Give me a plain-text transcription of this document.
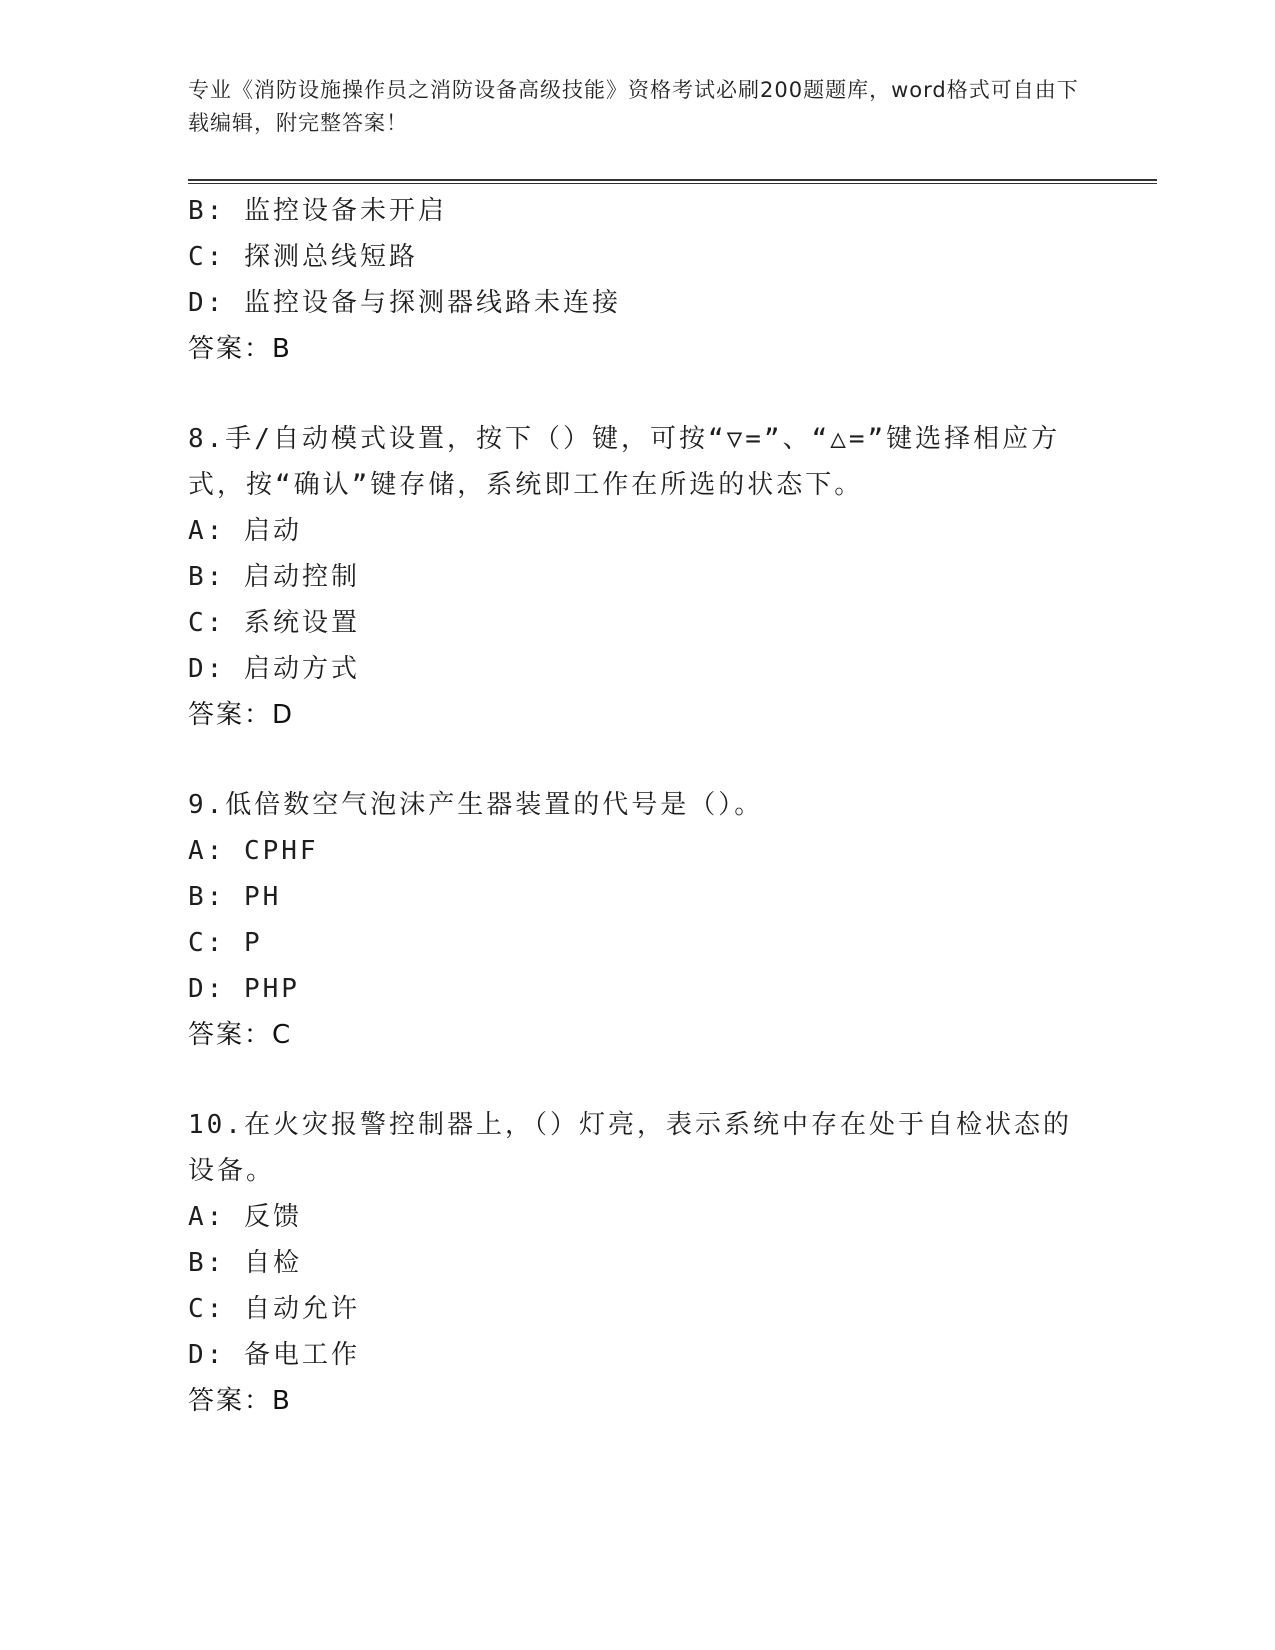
专业《消防设施操作员之消防设备高级技能》资格考试必刷200题题库，word格式可自由下载编辑，附完整答案！
B: 监控设备未开启
C: 探测总线短路
D: 监控设备与探测器线路未连接
答案：B
8.手/自动模式设置，按下（）键，可按“▽=”、“△=”键选择相应方式，按“确认”键存储，系统即工作在所选的状态下。
A: 启动
B: 启动控制
C: 系统设置
D: 启动方式
答案：D
9.低倍数空气泡沫产生器装置的代号是（）。
A: CPHF
B: PH
C: P
D: PHP
答案：C
10.在火灾报警控制器上，（）灯亮，表示系统中存在处于自检状态的设备。
A: 反馈
B: 自检
C: 自动允许
D: 备电工作
答案：B
